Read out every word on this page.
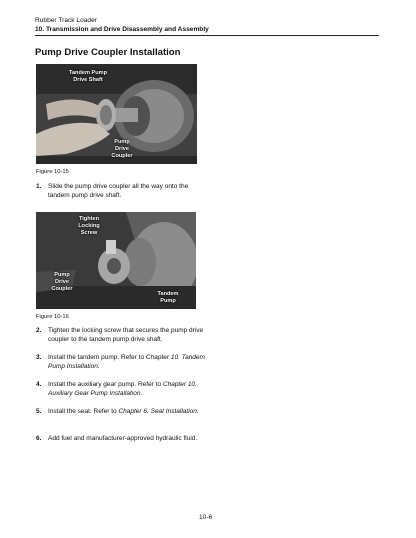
Rubber Track Loader
10. Transmission and Drive Disassembly and Assembly
Pump Drive Coupler Installation
Tandem Pump
Drive Shaft
Pump
Drive
Coupler
Figure 10-15
1. Slide the pump drive coupler all the way onto the tandem pump drive shaft.
Tighten
Locking
Screw
Pump
Drive
Coupler
Tandem
Pump
Figure 10-16
2. Tighten the locking screw that secures the pump drive coupler to the tandem pump drive shaft.
3. Install the tandem pump. Refer to Chapter 10. Tandem Pump Installation.
4. Install the auxiliary gear pump. Refer to Chapter 10. Auxiliary Gear Pump Installation.
5. Install the seat. Refer to Chapter 6. Seat Installation.
6. Add fuel and manufacturer-approved hydraulic fluid.
10-6
